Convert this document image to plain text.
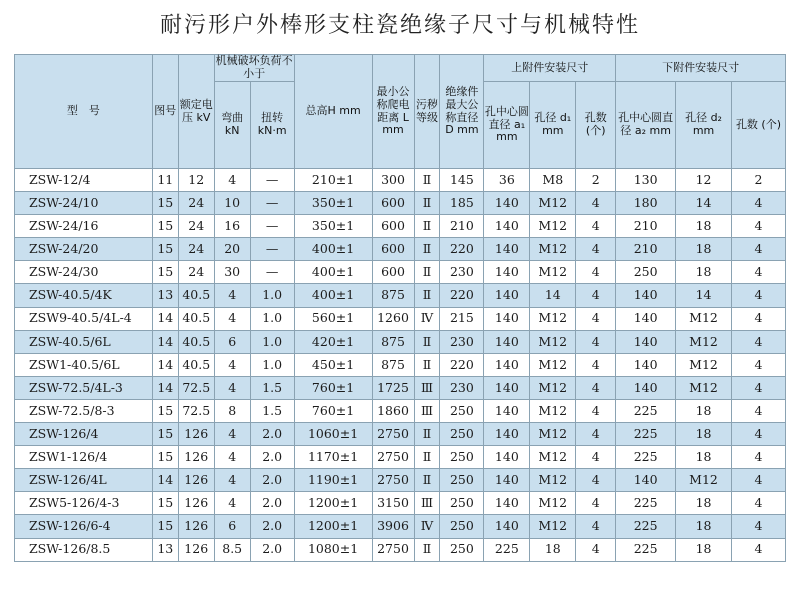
耐污形户外棒形支柱瓷绝缘子尺寸与机械特性
型　号	图号	额定电压 kV	机械破坏负荷不小于		总高H mm	最小公称爬电距离 L mm	污秽等级	绝缘件最大公称直径 D mm	上附件安装尺寸			下附件安装尺寸		
			弯曲 kN	扭转 kN·m					孔中心圆直径 a₁ mm	孔径 d₁ mm	孔数 (个)	孔中心圆直径 a₂ mm	孔径 d₂ mm	孔数 (个)
ZSW-12/4	11	12	4	—	210±1	300	Ⅱ	145	36	M8	2	130	12	2
ZSW-24/10	15	24	10	—	350±1	600	Ⅱ	185	140	M12	4	180	14	4
ZSW-24/16	15	24	16	—	350±1	600	Ⅱ	210	140	M12	4	210	18	4
ZSW-24/20	15	24	20	—	400±1	600	Ⅱ	220	140	M12	4	210	18	4
ZSW-24/30	15	24	30	—	400±1	600	Ⅱ	230	140	M12	4	250	18	4
ZSW-40.5/4K	13	40.5	4	1.0	400±1	875	Ⅱ	220	140	14	4	140	14	4
ZSW9-40.5/4L-4	14	40.5	4	1.0	560±1	1260	Ⅳ	215	140	M12	4	140	M12	4
ZSW-40.5/6L	14	40.5	6	1.0	420±1	875	Ⅱ	230	140	M12	4	140	M12	4
ZSW1-40.5/6L	14	40.5	4	1.0	450±1	875	Ⅱ	220	140	M12	4	140	M12	4
ZSW-72.5/4L-3	14	72.5	4	1.5	760±1	1725	Ⅲ	230	140	M12	4	140	M12	4
ZSW-72.5/8-3	15	72.5	8	1.5	760±1	1860	Ⅲ	250	140	M12	4	225	18	4
ZSW-126/4	15	126	4	2.0	1060±1	2750	Ⅱ	250	140	M12	4	225	18	4
ZSW1-126/4	15	126	4	2.0	1170±1	2750	Ⅱ	250	140	M12	4	225	18	4
ZSW-126/4L	14	126	4	2.0	1190±1	2750	Ⅱ	250	140	M12	4	140	M12	4
ZSW5-126/4-3	15	126	4	2.0	1200±1	3150	Ⅲ	250	140	M12	4	225	18	4
ZSW-126/6-4	15	126	6	2.0	1200±1	3906	Ⅳ	250	140	M12	4	225	18	4
ZSW-126/8.5	13	126	8.5	2.0	1080±1	2750	Ⅱ	250	225	18	4	225	18	4
